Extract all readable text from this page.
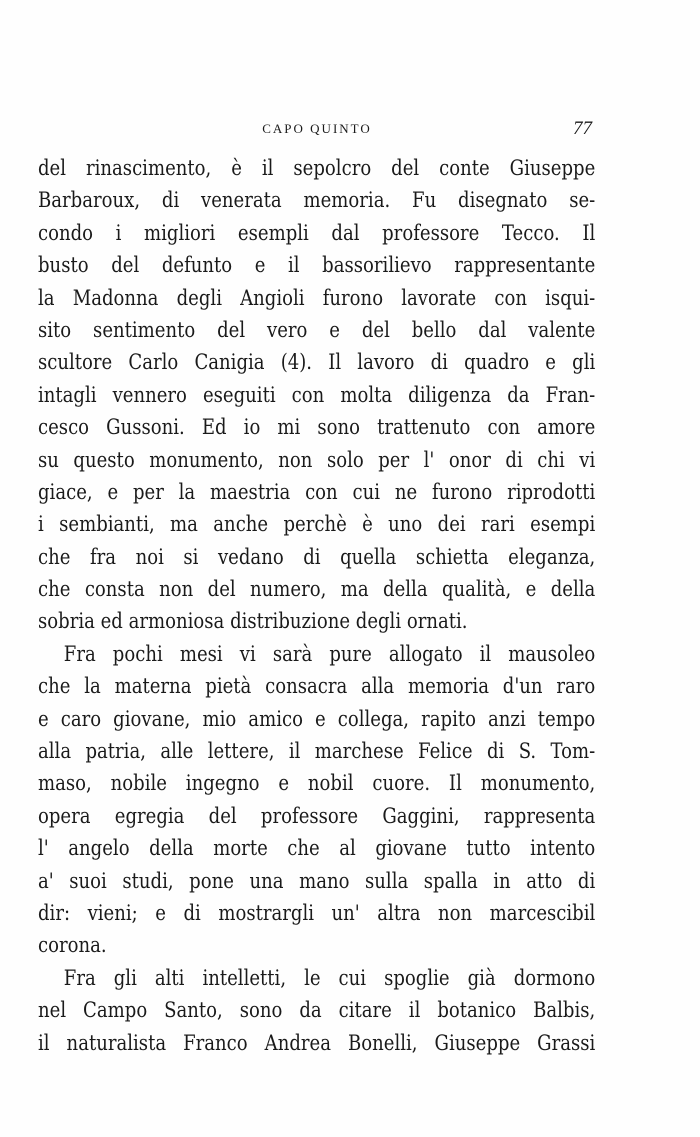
CAPO QUINTO	77
del rinascimento, è il sepolcro del conte Giuseppe
Barbaroux, di venerata memoria. Fu disegnato se-
condo i migliori esempli dal professore Tecco. Il
busto del defunto e il bassorilievo rappresentante
la Madonna degli Angioli furono lavorate con isqui-
sito sentimento del vero e del bello dal valente
scultore Carlo Canigia (4). Il lavoro di quadro e gli
intagli vennero eseguiti con molta diligenza da Fran-
cesco Gussoni. Ed io mi sono trattenuto con amore
su questo monumento, non solo per l' onor di chi vi
giace, e per la maestria con cui ne furono riprodotti
i sembianti, ma anche perchè è uno dei rari esempi
che fra noi si vedano di quella schietta eleganza,
che consta non del numero, ma della qualità, e della
sobria ed armoniosa distribuzione degli ornati.
Fra pochi mesi vi sarà pure allogato il mausoleo
che la materna pietà consacra alla memoria d'un raro
e caro giovane, mio amico e collega, rapito anzi tempo
alla patria, alle lettere, il marchese Felice di S. Tom-
maso, nobile ingegno e nobil cuore. Il monumento,
opera egregia del professore Gaggini, rappresenta
l' angelo della morte che al giovane tutto intento
a' suoi studi, pone una mano sulla spalla in atto di
dir: vieni; e di mostrargli un' altra non marcescibil
corona.
Fra gli alti intelletti, le cui spoglie già dormono
nel Campo Santo, sono da citare il botanico Balbis,
il naturalista Franco Andrea Bonelli, Giuseppe Grassi
